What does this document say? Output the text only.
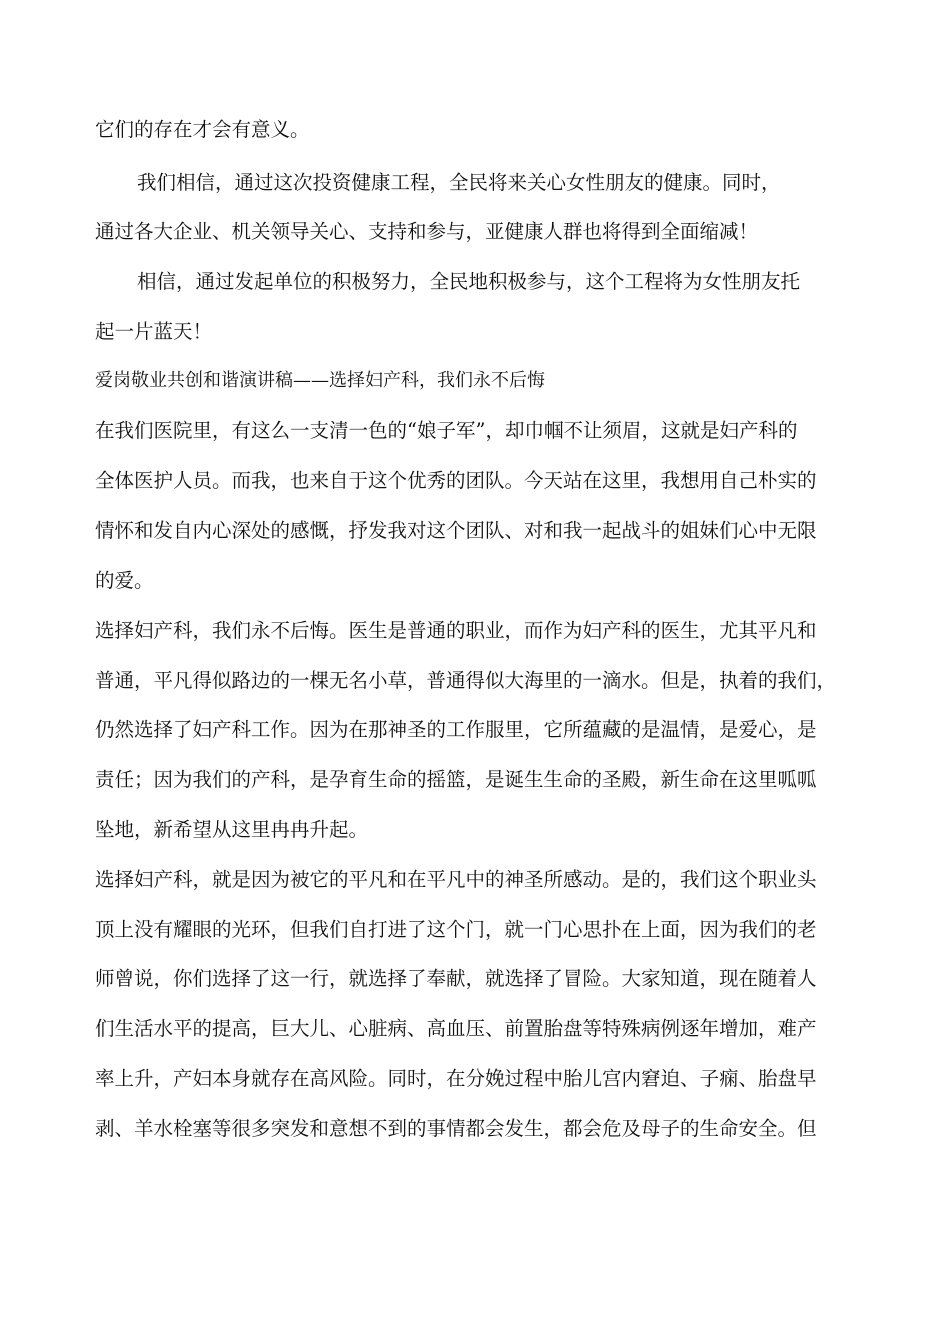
它们的存在才会有意义。
我们相信，通过这次投资健康工程，全民将来关心女性朋友的健康。同时，
通过各大企业、机关领导关心、支持和参与，亚健康人群也将得到全面缩减！
相信，通过发起单位的积极努力，全民地积极参与，这个工程将为女性朋友托
起一片蓝天！
爱岗敬业共创和谐演讲稿——选择妇产科，我们永不后悔
在我们医院里，有这么一支清一色的“娘子军”，却巾帼不让须眉，这就是妇产科的
全体医护人员。而我，也来自于这个优秀的团队。今天站在这里，我想用自己朴实的
情怀和发自内心深处的感慨，抒发我对这个团队、对和我一起战斗的姐妹们心中无限
的爱。
选择妇产科，我们永不后悔。医生是普通的职业，而作为妇产科的医生，尤其平凡和
普通，平凡得似路边的一棵无名小草，普通得似大海里的一滴水。但是，执着的我们，
仍然选择了妇产科工作。因为在那神圣的工作服里，它所蕴藏的是温情，是爱心，是
责任；因为我们的产科，是孕育生命的摇篮，是诞生生命的圣殿，新生命在这里呱呱
坠地，新希望从这里冉冉升起。
选择妇产科，就是因为被它的平凡和在平凡中的神圣所感动。是的，我们这个职业头
顶上没有耀眼的光环，但我们自打进了这个门，就一门心思扑在上面，因为我们的老
师曾说，你们选择了这一行，就选择了奉献，就选择了冒险。大家知道，现在随着人
们生活水平的提高，巨大儿、心脏病、高血压、前置胎盘等特殊病例逐年增加，难产
率上升，产妇本身就存在高风险。同时，在分娩过程中胎儿宫内窘迫、子痫、胎盘早
剥、羊水栓塞等很多突发和意想不到的事情都会发生，都会危及母子的生命安全。但
